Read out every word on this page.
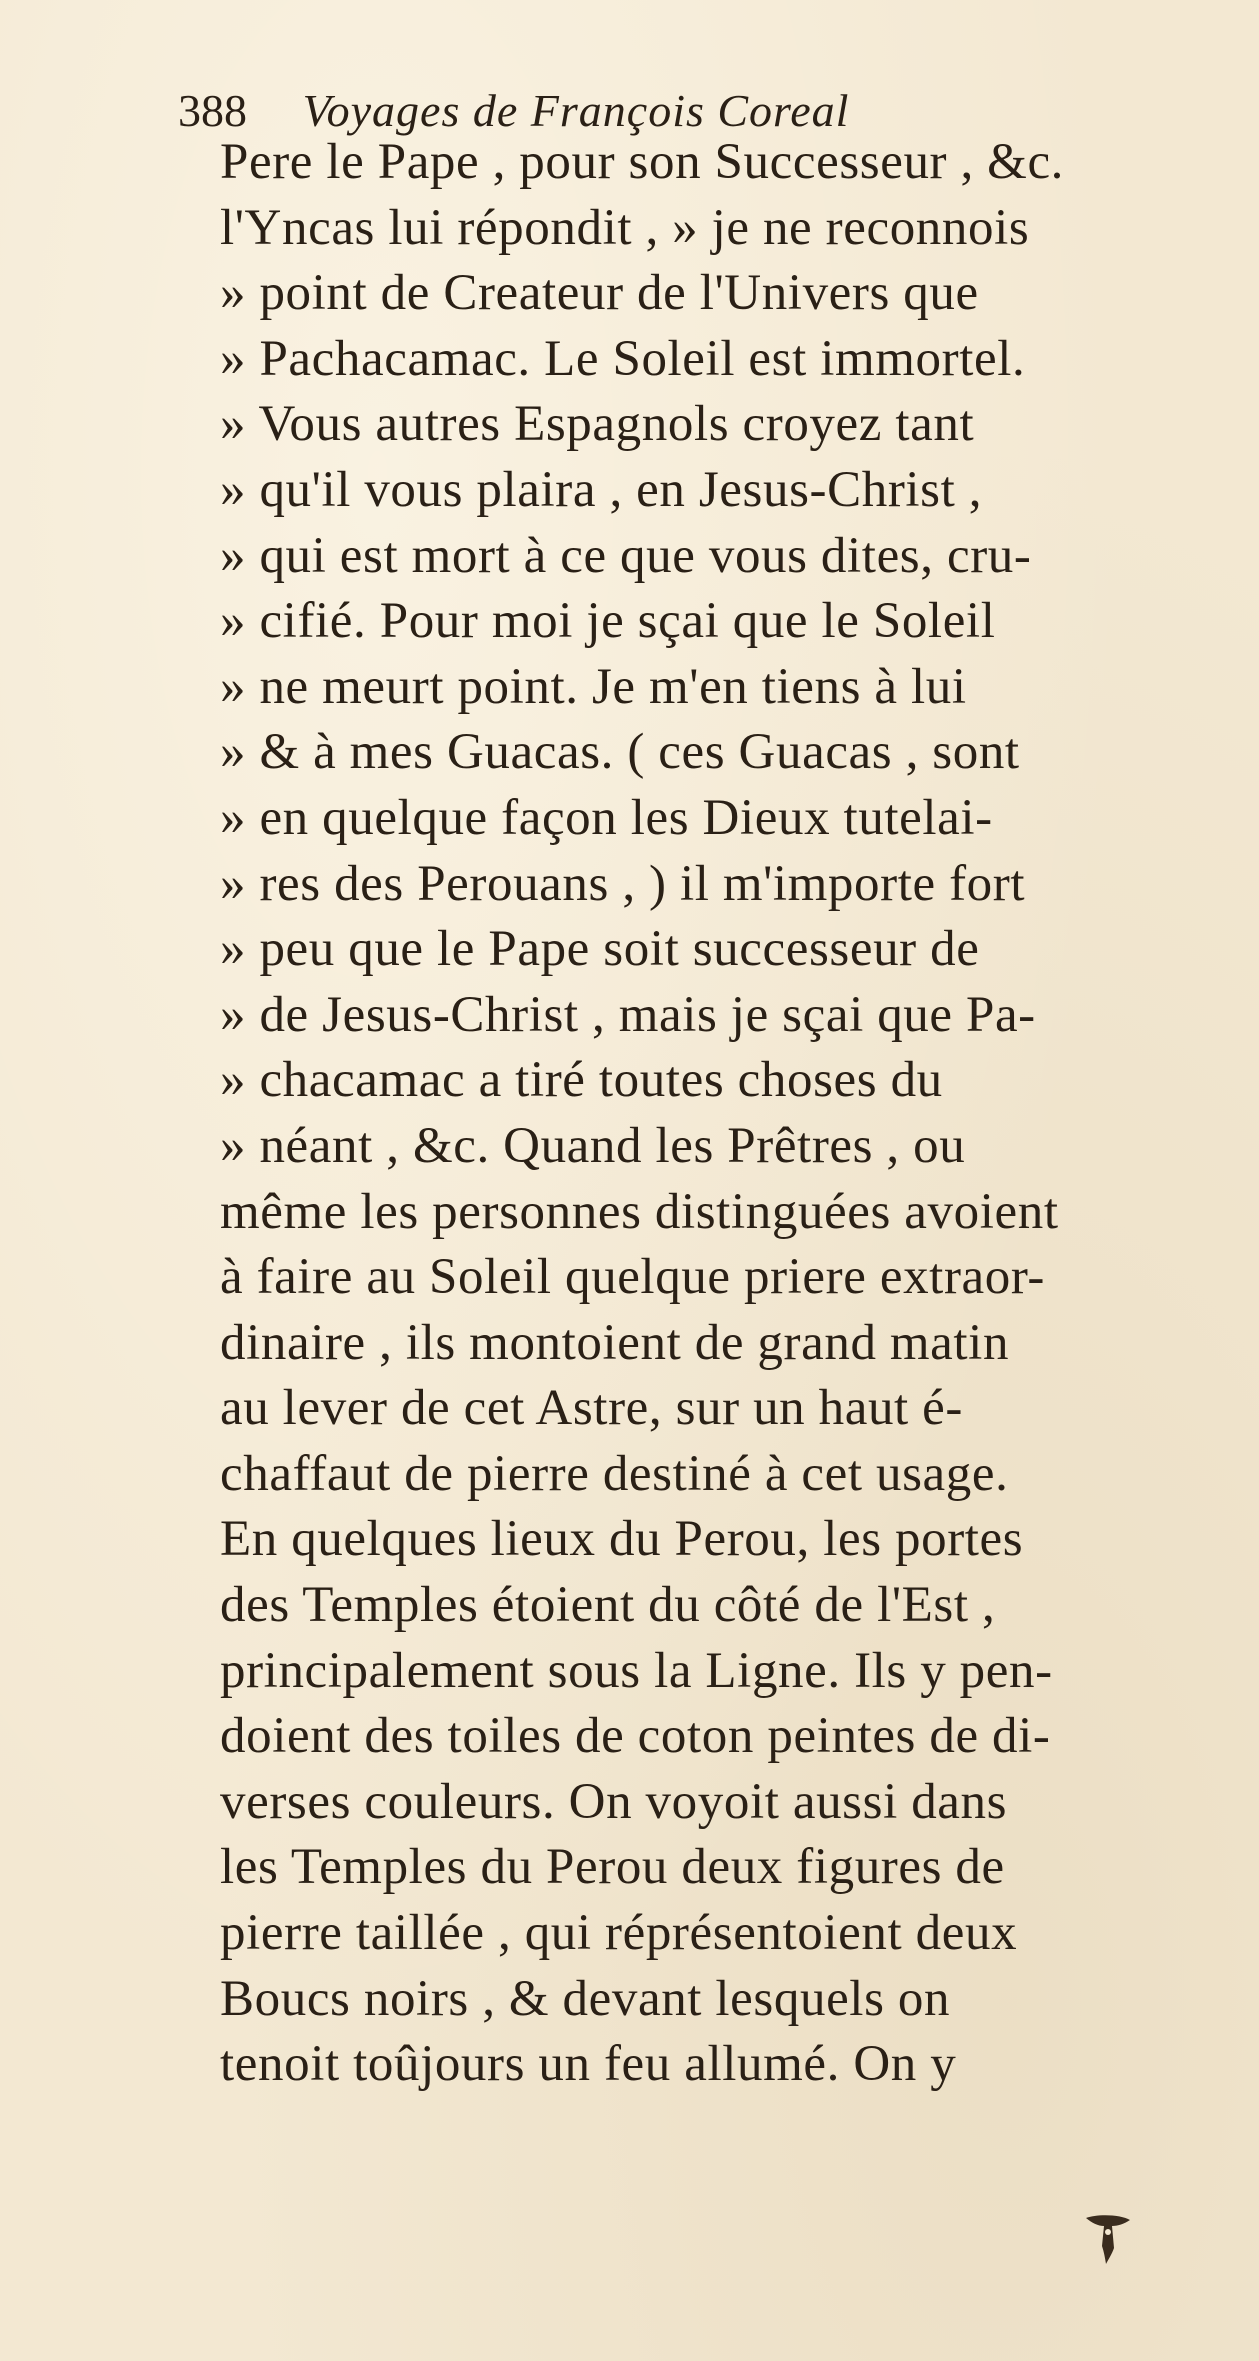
388 Voyages de François Coreal
Pere le Pape , pour son Successeur , &c.
l'Yncas lui répondit , » je ne reconnois
» point de Createur de l'Univers que
» Pachacamac. Le Soleil est immortel.
» Vous autres Espagnols croyez tant
» qu'il vous plaira , en Jesus-Christ ,
» qui est mort à ce que vous dites, cru-
» cifié. Pour moi je sçai que le Soleil
» ne meurt point. Je m'en tiens à lui
» & à mes Guacas. ( ces Guacas , sont
» en quelque façon les Dieux tutelai-
» res des Perouans , ) il m'importe fort
» peu que le Pape soit successeur de
» de Jesus-Christ , mais je sçai que Pa-
» chacamac a tiré toutes choses du
» néant , &c. Quand les Prêtres , ou
même les personnes distinguées avoient
à faire au Soleil quelque priere extraor-
dinaire , ils montoient de grand matin
au lever de cet Astre, sur un haut é-
chaffaut de pierre destiné à cet usage.
En quelques lieux du Perou, les portes
des Temples étoient du côté de l'Est ,
principalement sous la Ligne. Ils y pen-
doient des toiles de coton peintes de di-
verses couleurs. On voyoit aussi dans
les Temples du Perou deux figures de
pierre taillée , qui réprésentoient deux
Boucs noirs , & devant lesquels on
tenoit toûjours un feu allumé. On y
